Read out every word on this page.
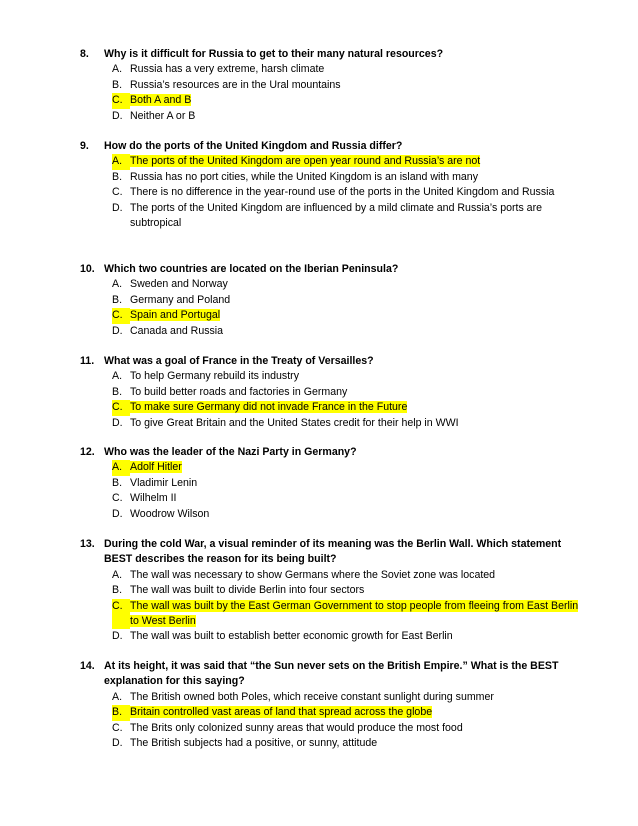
8.	Why is it difficult for Russia to get to their many natural resources?
A. Russia has a very extreme, harsh climate
B. Russia’s resources are in the Ural mountains
C. Both A and B
D. Neither A or B
9.	How do the ports of the United Kingdom and Russia differ?
A. The ports of the United Kingdom are open year round and Russia’s are not
B. Russia has no port cities, while the United Kingdom is an island with many
C. There is no difference in the year-round use of the ports in the United Kingdom and Russia
D. The ports of the United Kingdom are influenced by a mild climate and Russia’s ports are subtropical
10. Which two countries are located on the Iberian Peninsula?
A. Sweden and Norway
B. Germany and Poland
C. Spain and Portugal
D. Canada and Russia
11. What was a goal of France in the Treaty of Versailles?
A. To help Germany rebuild its industry
B. To build better roads and factories in Germany
C. To make sure Germany did not invade France in the Future
D. To give Great Britain and the United States credit for their help in WWI
12. Who was the leader of the Nazi Party in Germany?
A. Adolf Hitler
B. Vladimir Lenin
C. Wilhelm II
D. Woodrow Wilson
13. During the cold War, a visual reminder of its meaning was the Berlin Wall. Which statement BEST describes the reason for its being built?
A. The wall was necessary to show Germans where the Soviet zone was located
B. The wall was built to divide Berlin into four sectors
C. The wall was built by the East German Government to stop people from fleeing from East Berlin to West Berlin
D. The wall was built to establish better economic growth for East Berlin
14. At its height, it was said that “the Sun never sets on the British Empire.” What is the BEST explanation for this saying?
A. The British owned both Poles, which receive constant sunlight during summer
B. Britain controlled vast areas of land that spread across the globe
C. The Brits only colonized sunny areas that would produce the most food
D. The British subjects had a positive, or sunny, attitude
